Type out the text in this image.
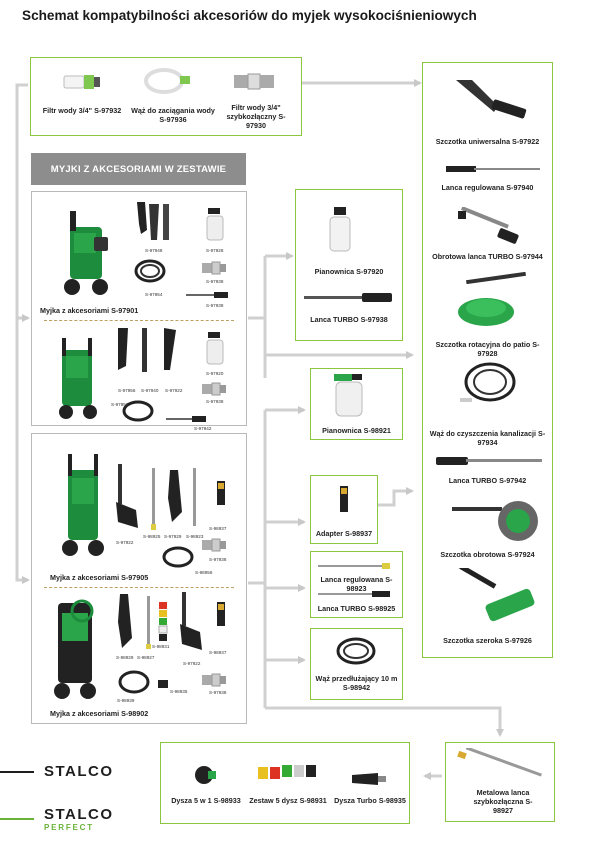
Schemat kompatybilności akcesoriów do myjek wysokociśnieniowych
Filtr wody 3/4" S-97932	Wąż do zaciągania wody S-97936
Filtr wody 3/4" szybkozłączny S-97930
MYJKI Z AKCESORIAMI W ZESTAWIE
Myjka z akcesoriami S-97901
S-97948	S-97928
S-97954
S-97938
S-97938
S-97956 S-97940 S-97922
S-97920
S-97938
S-97952
S-97942
Myjka z akcesoriami S-97905
S-97922
S-98925 S-97929 S-98923
S-98937
S-97938
S-98956
Myjka z akcesoriami S-98902
S-98929 S-98927
S-98931
S-97922
S-98937
S-98939
S-98935	S-97938
Pianownica S-97920
Lanca TURBO S-97938
Pianownica S-98921
Adapter S-98937
Lanca regulowana S-98923
Lanca TURBO S-98925
Wąż przedłużający 10 m S-98942
Szczotka uniwersalna S-97922
Lanca regulowana S-97940
Obrotowa lanca TURBO S-97944
Szczotka rotacyjna do patio S-97928
Wąż do czyszczenia kanalizacji S-97934
Lanca TURBO S-97942
Szczotka obrotowa S-97924
Szczotka szeroka S-97926
Dysza 5 w 1 S-98933	Zestaw 5 dysz S-98931	Dysza Turbo S-98935
Metalowa lanca szybkozłączna S-98927
STALCO
STALCO
PERFECT
